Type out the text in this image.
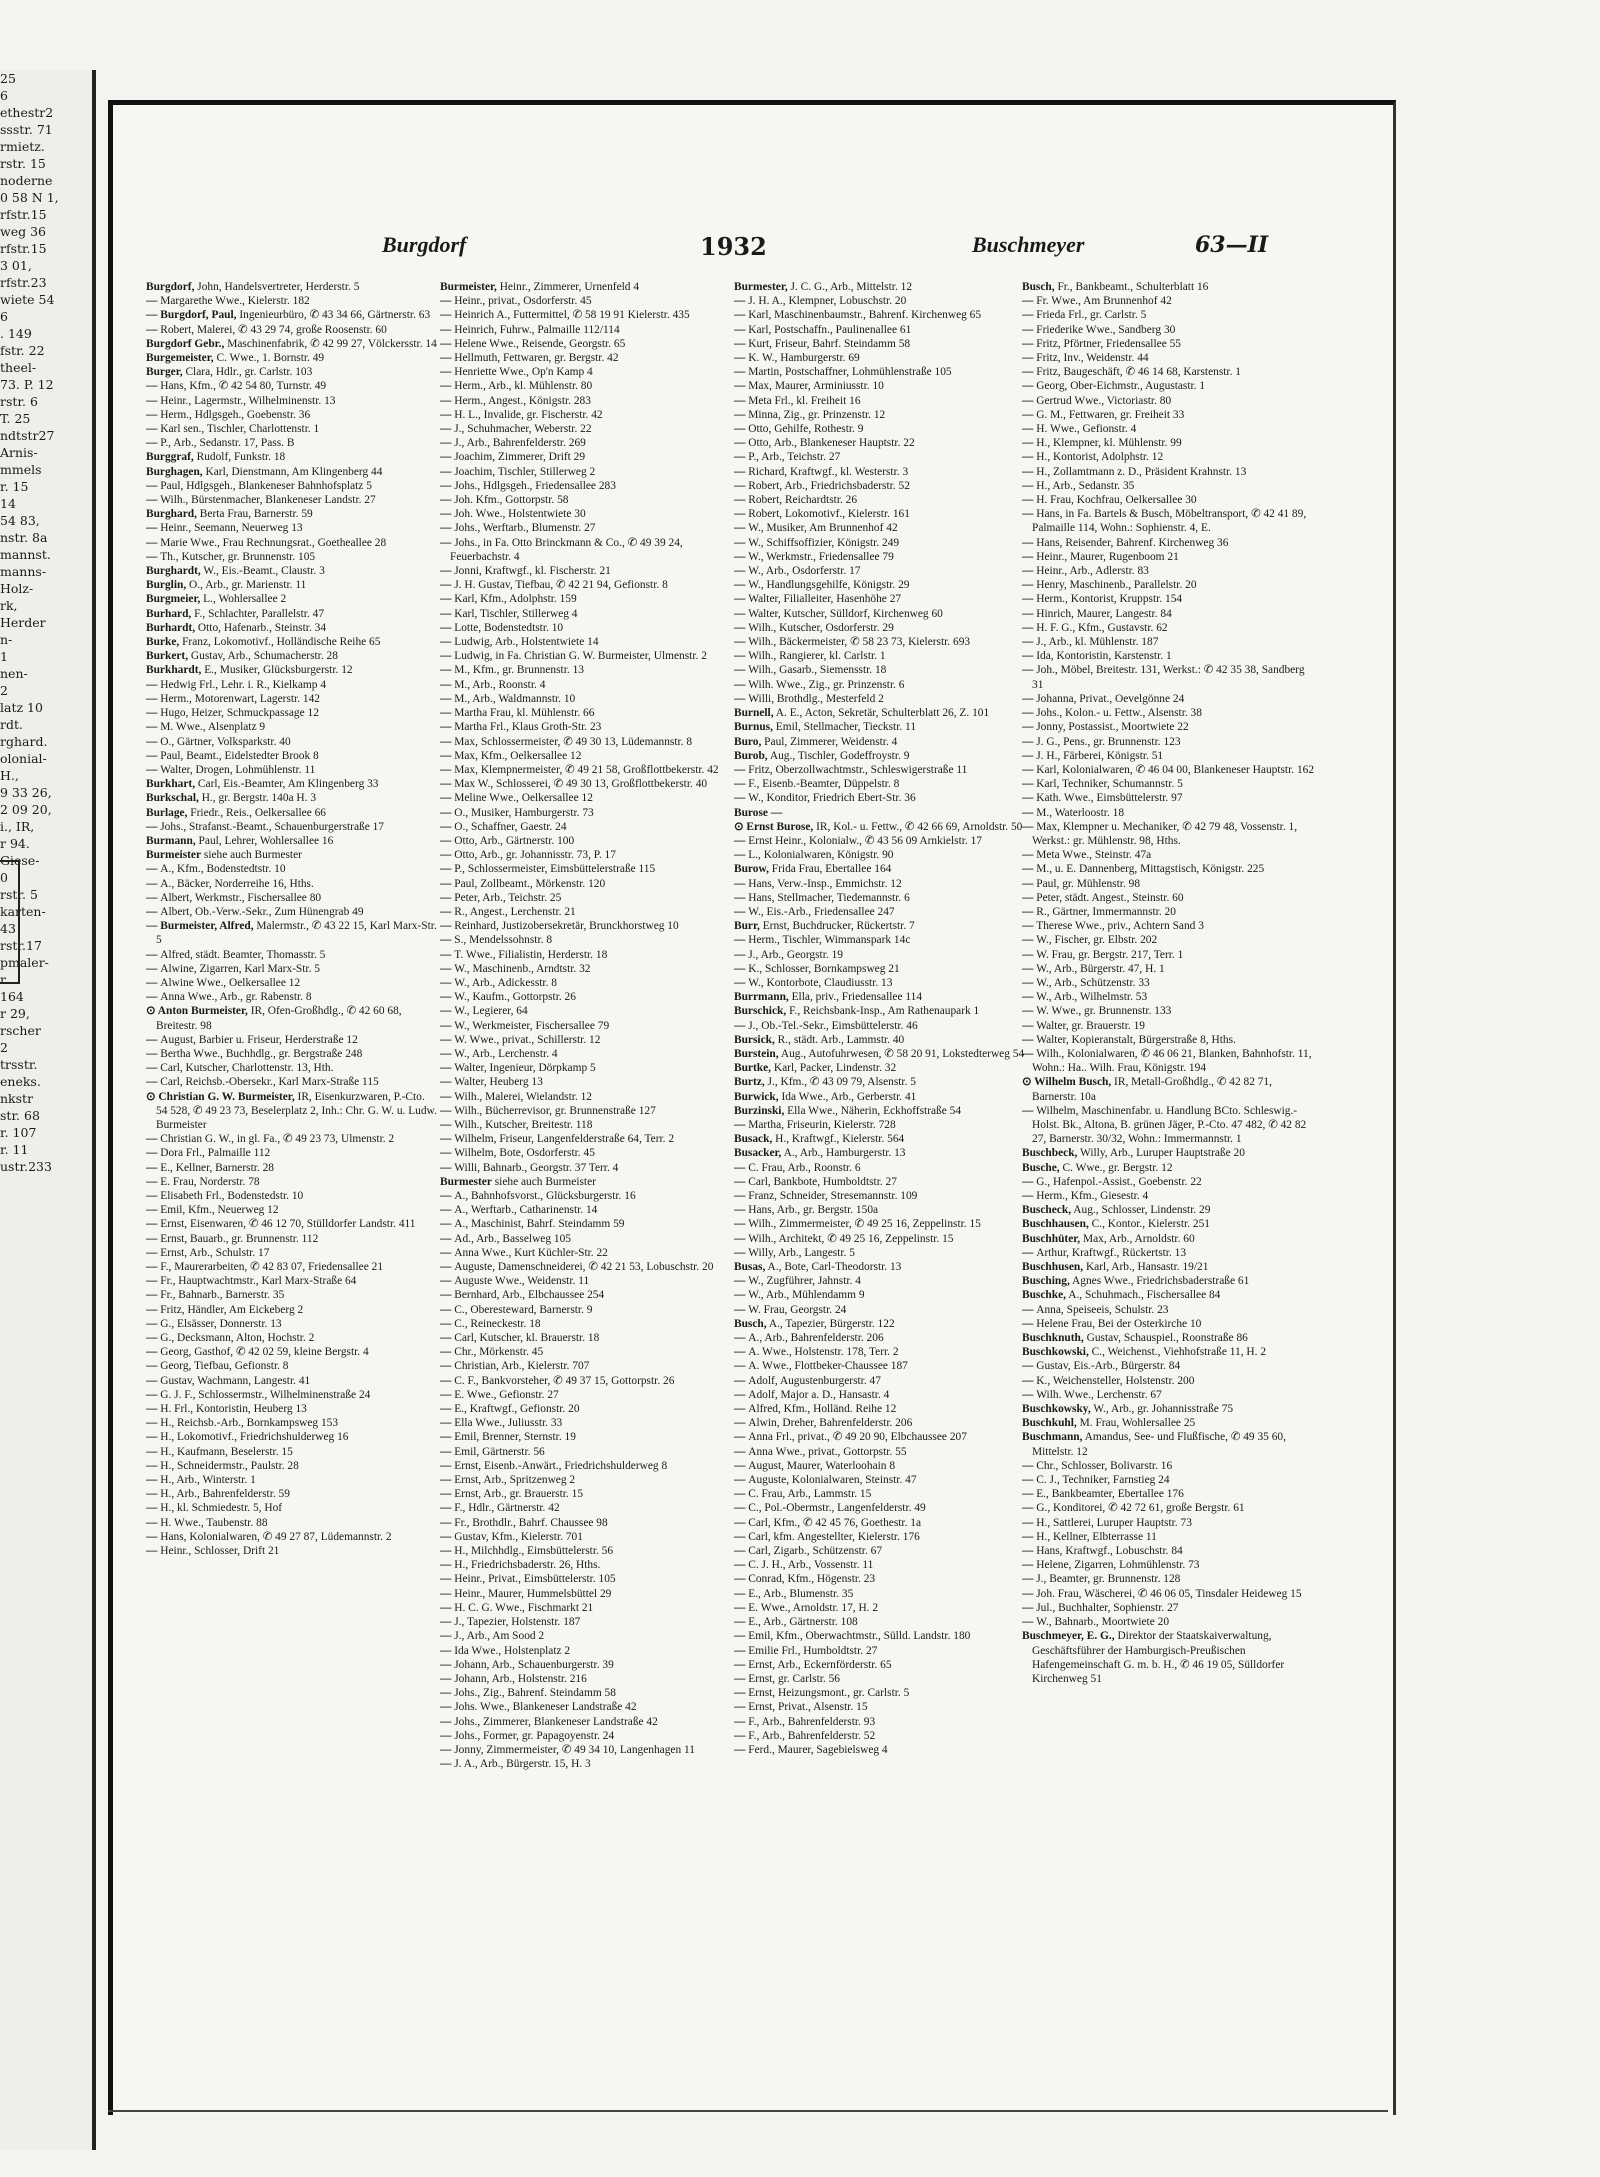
25
6
ethestr2
ssstr. 71
rmietz.
rstr. 15
noderne
0 58 N 1,
rfstr.15
weg 36
rfstr.15
3 01,
rfstr.23
wiete 54
6
. 149
fstr. 22
theel-
73. P. 12
rstr. 6
T. 25
ndtstr27
Arnis-
mmels
r. 15
14
54 83,
nstr. 8a
mannst.
manns-
Holz-
rk,
Herder
n-
1
nen-
2
latz 10
rdt.
rghard.
olonial-
H.,
9 33 26,
2 09 20,
i., IR,
r 94.
Giese-
0
rstr. 5
karten-
43
rstr.17
pmaler-
r
164
r 29,
rscher
2
trsstr.
eneks.
nkstr
str. 68
r. 107
r. 11
ustr.233
Burgdorf	1932	Buschmeyer	63—II

Burgdorf, John, Handelsvertreter, Herderstr. 5

— Margarethe Wwe., Kielerstr. 182

— Burgdorf, Paul, Ingenieurbüro, ✆ 43 34 66, Gärtnerstr. 63

— Robert, Malerei, ✆ 43 29 74, große Roosenstr. 60

Burgdorf Gebr., Maschinenfabrik, ✆ 42 99 27, Völckersstr. 14

Burgemeister, C. Wwe., 1. Bornstr. 49

Burger, Clara, Hdlr., gr. Carlstr. 103

— Hans, Kfm., ✆ 42 54 80, Turnstr. 49

— Heinr., Lagermstr., Wilhelminenstr. 13

— Herm., Hdlgsgeh., Goebenstr. 36

— Karl sen., Tischler, Charlottenstr. 1

— P., Arb., Sedanstr. 17, Pass. B

Burggraf, Rudolf, Funkstr. 18

Burghagen, Karl, Dienstmann, Am Klingenberg 44

— Paul, Hdlgsgeh., Blankeneser Bahnhofsplatz 5

— Wilh., Bürstenmacher, Blankeneser Landstr. 27

Burghard, Berta Frau, Barnerstr. 59

— Heinr., Seemann, Neuerweg 13

— Marie Wwe., Frau Rechnungsrat., Goetheallee 28

— Th., Kutscher, gr. Brunnenstr. 105

Burghardt, W., Eis.-Beamt., Claustr. 3

Burglin, O., Arb., gr. Marienstr. 11

Burgmeier, L., Wohlersallee 2

Burhard, F., Schlachter, Parallelstr. 47

Burhardt, Otto, Hafenarb., Steinstr. 34

Burke, Franz, Lokomotivf., Holländische Reihe 65

Burkert, Gustav, Arb., Schumacherstr. 28

Burkhardt, E., Musiker, Glücksburgerstr. 12

— Hedwig Frl., Lehr. i. R., Kielkamp 4

— Herm., Motorenwart, Lagerstr. 142

— Hugo, Heizer, Schmuckpassage 12

— M. Wwe., Alsenplatz 9

— O., Gärtner, Volksparkstr. 40

— Paul, Beamt., Eidelstedter Brook 8

— Walter, Drogen, Lohmühlenstr. 11

Burkhart, Carl, Eis.-Beamter, Am Klingenberg 33

Burkschal, H., gr. Bergstr. 140a H. 3

Burlage, Friedr., Reis., Oelkersallee 66

— Johs., Strafanst.-Beamt., Schauenburgerstraße 17

Burmann, Paul, Lehrer, Wohlersallee 16

Burmeister siehe auch Burmester

— A., Kfm., Bodenstedtstr. 10

— A., Bäcker, Norderreihe 16, Hths.

— Albert, Werkmstr., Fischersallee 80

— Albert, Ob.-Verw.-Sekr., Zum Hünengrab 49

— Burmeister, Alfred, Malermstr., ✆ 43 22 15, Karl Marx-Str. 5

— Alfred, städt. Beamter, Thomasstr. 5

— Alwine, Zigarren, Karl Marx-Str. 5

— Alwine Wwe., Oelkersallee 12

— Anna Wwe., Arb., gr. Rabenstr. 8

⊙ Anton Burmeister, IR, Ofen-Großhdlg., ✆ 42 60 68, Breitestr. 98

— August, Barbier u. Friseur, Herderstraße 12

— Bertha Wwe., Buchhdlg., gr. Bergstraße 248

— Carl, Kutscher, Charlottenstr. 13, Hth.

— Carl, Reichsb.-Obersekr., Karl Marx-Straße 115

⊙ Christian G. W. Burmeister, IR, Eisenkurzwaren, P.-Cto. 54 528, ✆ 49 23 73, Beselerplatz 2, Inh.: Chr. G. W. u. Ludw. Burmeister

— Christian G. W., in gl. Fa., ✆ 49 23 73, Ulmenstr. 2

— Dora Frl., Palmaille 112

— E., Kellner, Barnerstr. 28

— E. Frau, Norderstr. 78

— Elisabeth Frl., Bodenstedstr. 10

— Emil, Kfm., Neuerweg 12

— Ernst, Eisenwaren, ✆ 46 12 70, Stülldorfer Landstr. 411

— Ernst, Bauarb., gr. Brunnenstr. 112

— Ernst, Arb., Schulstr. 17

— F., Maurerarbeiten, ✆ 42 83 07, Friedensallee 21

— Fr., Hauptwachtmstr., Karl Marx-Straße 64

— Fr., Bahnarb., Barnerstr. 35

— Fritz, Händler, Am Eickeberg 2

— G., Elsässer, Donnerstr. 13

— G., Decksmann, Alton, Hochstr. 2

— Georg, Gasthof, ✆ 42 02 59, kleine Bergstr. 4

— Georg, Tiefbau, Gefionstr. 8

— Gustav, Wachmann, Langestr. 41

— G. J. F., Schlossermstr., Wilhelminenstraße 24

— H. Frl., Kontoristin, Heuberg 13

— H., Reichsb.-Arb., Bornkampsweg 153

— H., Lokomotivf., Friedrichshulderweg 16

— H., Kaufmann, Beselerstr. 15

— H., Schneidermstr., Paulstr. 28

— H., Arb., Winterstr. 1

— H., Arb., Bahrenfelderstr. 59

— H., kl. Schmiedestr. 5, Hof

— H. Wwe., Taubenstr. 88

— Hans, Kolonialwaren, ✆ 49 27 87, Lüdemannstr. 2

— Heinr., Schlosser, Drift 21

Burmeister, Heinr., Zimmerer, Urnenfeld 4

— Heinr., privat., Osdorferstr. 45

— Heinrich A., Futtermittel, ✆ 58 19 91 Kielerstr. 435

— Heinrich, Fuhrw., Palmaille 112/114

— Helene Wwe., Reisende, Georgstr. 65

— Hellmuth, Fettwaren, gr. Bergstr. 42

— Henriette Wwe., Op'n Kamp 4

— Herm., Arb., kl. Mühlenstr. 80

— Herm., Angest., Königstr. 283

— H. L., Invalide, gr. Fischerstr. 42

— J., Schuhmacher, Weberstr. 22

— J., Arb., Bahrenfelderstr. 269

— Joachim, Zimmerer, Drift 29

— Joachim, Tischler, Stillerweg 2

— Johs., Hdlgsgeh., Friedensallee 283

— Joh. Kfm., Gottorpstr. 58

— Joh. Wwe., Holstentwiete 30

— Johs., Werftarb., Blumenstr. 27

— Johs., in Fa. Otto Brinckmann & Co., ✆ 49 39 24, Feuerbachstr. 4

— Jonni, Kraftwgf., kl. Fischerstr. 21

— J. H. Gustav, Tiefbau, ✆ 42 21 94, Gefionstr. 8

— Karl, Kfm., Adolphstr. 159

— Karl, Tischler, Stillerweg 4

— Lotte, Bodenstedtstr. 10

— Ludwig, Arb., Holstentwiete 14

— Ludwig, in Fa. Christian G. W. Burmeister, Ulmenstr. 2

— M., Kfm., gr. Brunnenstr. 13

— M., Arb., Roonstr. 4

— M., Arb., Waldmannstr. 10

— Martha Frau, kl. Mühlenstr. 66

— Martha Frl., Klaus Groth-Str. 23

— Max, Schlossermeister, ✆ 49 30 13, Lüdemannstr. 8

— Max, Kfm., Oelkersallee 12

— Max, Klempnermeister, ✆ 49 21 58, Großflottbekerstr. 42

— Max W., Schlosserei, ✆ 49 30 13, Großflottbekerstr. 40

— Meline Wwe., Oelkersallee 12

— O., Musiker, Hamburgerstr. 73

— O., Schaffner, Gaestr. 24

— Otto, Arb., Gärtnerstr. 100

— Otto, Arb., gr. Johannisstr. 73, P. 17

— P., Schlossermeister, Eimsbüttelerstraße 115

— Paul, Zollbeamt., Mörkenstr. 120

— Peter, Arb., Teichstr. 25

— R., Angest., Lerchenstr. 21

— Reinhard, Justizobersekretär, Brunckhorstweg 10

— S., Mendelssohnstr. 8

— T. Wwe., Filialistin, Herderstr. 18

— W., Maschinenb., Arndtstr. 32

— W., Arb., Adickesstr. 8

— W., Kaufm., Gottorpstr. 26

— W., Legierer, 64

— W., Werkmeister, Fischersallee 79

— W. Wwe., privat., Schillerstr. 12

— W., Arb., Lerchenstr. 4

— Walter, Ingenieur, Dörpkamp 5

— Walter, Heuberg 13

— Wilh., Malerei, Wielandstr. 12

— Wilh., Bücherrevisor, gr. Brunnenstraße 127

— Wilh., Kutscher, Breitestr. 118

— Wilhelm, Friseur, Langenfelderstraße 64, Terr. 2

— Wilhelm, Bote, Osdorferstr. 45

— Willi, Bahnarb., Georgstr. 37 Terr. 4

Burmester siehe auch Burmeister

— A., Bahnhofsvorst., Glücksburgerstr. 16

— A., Werftarb., Catharinenstr. 14

— A., Maschinist, Bahrf. Steindamm 59

— Ad., Arb., Basselweg 105

— Anna Wwe., Kurt Küchler-Str. 22

— Auguste, Damenschneiderei, ✆ 42 21 53, Lobuschstr. 20

— Auguste Wwe., Weidenstr. 11

— Bernhard, Arb., Elbchaussee 254

— C., Oberesteward, Barnerstr. 9

— C., Reineckestr. 18

— Carl, Kutscher, kl. Brauerstr. 18

— Chr., Mörkenstr. 45

— Christian, Arb., Kielerstr. 707

— C. F., Bankvorsteher, ✆ 49 37 15, Gottorpstr. 26

— E. Wwe., Gefionstr. 27

— E., Kraftwgf., Gefionstr. 20

— Ella Wwe., Juliusstr. 33

— Emil, Brenner, Sternstr. 19

— Emil, Gärtnerstr. 56

— Ernst, Eisenb.-Anwärt., Friedrichshulderweg 8

— Ernst, Arb., Spritzenweg 2

— Ernst, Arb., gr. Brauerstr. 15

— F., Hdlr., Gärtnerstr. 42

— Fr., Brothdlr., Bahrf. Chaussee 98

— Gustav, Kfm., Kielerstr. 701

— H., Milchhdlg., Eimsbüttelerstr. 56

— H., Friedrichsbaderstr. 26, Hths.

— Heinr., Privat., Eimsbüttelerstr. 105

— Heinr., Maurer, Hummelsbüttel 29

— H. C. G. Wwe., Fischmarkt 21

— J., Tapezier, Holstenstr. 187

— J., Arb., Am Sood 2

— Ida Wwe., Holstenplatz 2

— Johann, Arb., Schauenburgerstr. 39

— Johann, Arb., Holstenstr. 216

— Johs., Zig., Bahrenf. Steindamm 58

— Johs. Wwe., Blankeneser Landstraße 42

— Johs., Zimmerer, Blankeneser Landstraße 42

— Johs., Former, gr. Papagoyenstr. 24

— Jonny, Zimmermeister, ✆ 49 34 10, Langenhagen 11

— J. A., Arb., Bürgerstr. 15, H. 3

Burmester, J. C. G., Arb., Mittelstr. 12

— J. H. A., Klempner, Lobuschstr. 20

— Karl, Maschinenbaumstr., Bahrenf. Kirchenweg 65

— Karl, Postschaffn., Paulinenallee 61

— Kurt, Friseur, Bahrf. Steindamm 58

— K. W., Hamburgerstr. 69

— Martin, Postschaffner, Lohmühlenstraße 105

— Max, Maurer, Arminiusstr. 10

— Meta Frl., kl. Freiheit 16

— Minna, Zig., gr. Prinzenstr. 12

— Otto, Gehilfe, Rothestr. 9

— Otto, Arb., Blankeneser Hauptstr. 22

— P., Arb., Teichstr. 27

— Richard, Kraftwgf., kl. Westerstr. 3

— Robert, Arb., Friedrichsbaderstr. 52

— Robert, Reichardtstr. 26

— Robert, Lokomotivf., Kielerstr. 161

— W., Musiker, Am Brunnenhof 42

— W., Schiffsoffizier, Königstr. 249

— W., Werkmstr., Friedensallee 79

— W., Arb., Osdorferstr. 17

— W., Handlungsgehilfe, Königstr. 29

— Walter, Filialleiter, Hasenhöhe 27

— Walter, Kutscher, Sülldorf, Kirchenweg 60

— Wilh., Kutscher, Osdorferstr. 29

— Wilh., Bäckermeister, ✆ 58 23 73, Kielerstr. 693

— Wilh., Rangierer, kl. Carlstr. 1

— Wilh., Gasarb., Siemensstr. 18

— Wilh. Wwe., Zig., gr. Prinzenstr. 6

— Willi, Brothdlg., Mesterfeld 2

Burnell, A. E., Acton, Sekretär, Schulterblatt 26, Z. 101

Burnus, Emil, Stellmacher, Tieckstr. 11

Buro, Paul, Zimmerer, Weidenstr. 4

Burob, Aug., Tischler, Godeffroystr. 9

— Fritz, Oberzollwachtmstr., Schleswigerstraße 11

— F., Eisenb.-Beamter, Düppelstr. 8

— W., Konditor, Friedrich Ebert-Str. 36

Burose —

⊙ Ernst Burose, IR, Kol.- u. Fettw., ✆ 42 66 69, Arnoldstr. 50

— Ernst Heinr., Kolonialw., ✆ 43 56 09 Arnkielstr. 17

— L., Kolonialwaren, Königstr. 90

Burow, Frida Frau, Ebertallee 164

— Hans, Verw.-Insp., Emmichstr. 12

— Hans, Stellmacher, Tiedemannstr. 6

— W., Eis.-Arb., Friedensallee 247

Burr, Ernst, Buchdrucker, Rückertstr. 7

— Herm., Tischler, Wimmanspark 14c

— J., Arb., Georgstr. 19

— K., Schlosser, Bornkampsweg 21

— W., Kontorbote, Claudiusstr. 13

Burrmann, Ella, priv., Friedensallee 114

Burschick, F., Reichsbank-Insp., Am Rathenaupark 1

— J., Ob.-Tel.-Sekr., Eimsbüttelerstr. 46

Bursick, R., städt. Arb., Lammstr. 40

Burstein, Aug., Autofuhrwesen, ✆ 58 20 91, Lokstedterweg 54

Burtke, Karl, Packer, Lindenstr. 32

Burtz, J., Kfm., ✆ 43 09 79, Alsenstr. 5

Burwick, Ida Wwe., Arb., Gerberstr. 41

Burzinski, Ella Wwe., Näherin, Eckhoffstraße 54

— Martha, Friseurin, Kielerstr. 728

Busack, H., Kraftwgf., Kielerstr. 564

Busacker, A., Arb., Hamburgerstr. 13

— C. Frau, Arb., Roonstr. 6

— Carl, Bankbote, Humboldtstr. 27

— Franz, Schneider, Stresemannstr. 109

— Hans, Arb., gr. Bergstr. 150a

— Wilh., Zimmermeister, ✆ 49 25 16, Zeppelinstr. 15

— Wilh., Architekt, ✆ 49 25 16, Zeppelinstr. 15

— Willy, Arb., Langestr. 5

Busas, A., Bote, Carl-Theodorstr. 13

— W., Zugführer, Jahnstr. 4

— W., Arb., Mühlendamm 9

— W. Frau, Georgstr. 24

Busch, A., Tapezier, Bürgerstr. 122

— A., Arb., Bahrenfelderstr. 206

— A. Wwe., Holstenstr. 178, Terr. 2

— A. Wwe., Flottbeker-Chaussee 187

— Adolf, Augustenburgerstr. 47

— Adolf, Major a. D., Hansastr. 4

— Alfred, Kfm., Holländ. Reihe 12

— Alwin, Dreher, Bahrenfelderstr. 206

— Anna Frl., privat., ✆ 49 20 90, Elbchaussee 207

— Anna Wwe., privat., Gottorpstr. 55

— August, Maurer, Waterloohain 8

— Auguste, Kolonialwaren, Steinstr. 47

— C. Frau, Arb., Lammstr. 15

— C., Pol.-Obermstr., Langenfelderstr. 49

— Carl, Kfm., ✆ 42 45 76, Goethestr. 1a

— Carl, kfm. Angestellter, Kielerstr. 176

— Carl, Zigarb., Schützenstr. 67

— C. J. H., Arb., Vossenstr. 11

— Conrad, Kfm., Högenstr. 23

— E., Arb., Blumenstr. 35

— E. Wwe., Arnoldstr. 17, H. 2

— E., Arb., Gärtnerstr. 108

— Emil, Kfm., Oberwachtmstr., Sülld. Landstr. 180

— Emilie Frl., Humboldtstr. 27

— Ernst, Arb., Eckernförderstr. 65

— Ernst, gr. Carlstr. 56

— Ernst, Heizungsmont., gr. Carlstr. 5

— Ernst, Privat., Alsenstr. 15

— F., Arb., Bahrenfelderstr. 93

— F., Arb., Bahrenfelderstr. 52

— Ferd., Maurer, Sagebielsweg 4

Busch, Fr., Bankbeamt., Schulterblatt 16

— Fr. Wwe., Am Brunnenhof 42

— Frieda Frl., gr. Carlstr. 5

— Friederike Wwe., Sandberg 30

— Fritz, Pförtner, Friedensallee 55

— Fritz, Inv., Weidenstr. 44

— Fritz, Baugeschäft, ✆ 46 14 68, Karstenstr. 1

— Georg, Ober-Eichmstr., Augustastr. 1

— Gertrud Wwe., Victoriastr. 80

— G. M., Fettwaren, gr. Freiheit 33

— H. Wwe., Gefionstr. 4

— H., Klempner, kl. Mühlenstr. 99

— H., Kontorist, Adolphstr. 12

— H., Zollamtmann z. D., Präsident Krahnstr. 13

— H., Arb., Sedanstr. 35

— H. Frau, Kochfrau, Oelkersallee 30

— Hans, in Fa. Bartels & Busch, Möbeltransport, ✆ 42 41 89, Palmaille 114, Wohn.: Sophienstr. 4, E.

— Hans, Reisender, Bahrenf. Kirchenweg 36

— Heinr., Maurer, Rugenboom 21

— Heinr., Arb., Adlerstr. 83

— Henry, Maschinenb., Parallelstr. 20

— Herm., Kontorist, Kruppstr. 154

— Hinrich, Maurer, Langestr. 84

— H. F. G., Kfm., Gustavstr. 62

— J., Arb., kl. Mühlenstr. 187

— Ida, Kontoristin, Karstenstr. 1

— Joh., Möbel, Breitestr. 131, Werkst.: ✆ 42 35 38, Sandberg 31

— Johanna, Privat., Oevelgönne 24

— Johs., Kolon.- u. Fettw., Alsenstr. 38

— Jonny, Postassist., Moortwiete 22

— J. G., Pens., gr. Brunnenstr. 123

— J. H., Färberei, Königstr. 51

— Karl, Kolonialwaren, ✆ 46 04 00, Blankeneser Hauptstr. 162

— Karl, Techniker, Schumannstr. 5

— Kath. Wwe., Eimsbüttelerstr. 97

— M., Waterloostr. 18

— Max, Klempner u. Mechaniker, ✆ 42 79 48, Vossenstr. 1, Werkst.: gr. Mühlenstr. 98, Hths.

— Meta Wwe., Steinstr. 47a

— M., u. E. Dannenberg, Mittagstisch, Königstr. 225

— Paul, gr. Mühlenstr. 98

— Peter, städt. Angest., Steinstr. 60

— R., Gärtner, Immermannstr. 20

— Therese Wwe., priv., Achtern Sand 3

— W., Fischer, gr. Elbstr. 202

— W. Frau, gr. Bergstr. 217, Terr. 1

— W., Arb., Bürgerstr. 47, H. 1

— W., Arb., Schützenstr. 33

— W., Arb., Wilhelmstr. 53

— W. Wwe., gr. Brunnenstr. 133

— Walter, gr. Brauerstr. 19

— Walter, Kopieranstalt, Bürgerstraße 8, Hths.

— Wilh., Kolonialwaren, ✆ 46 06 21, Blanken, Bahnhofstr. 11, Wohn.: Ha.. Wilh. Frau, Königstr. 194

⊙ Wilhelm Busch, IR, Metall-Großhdlg., ✆ 42 82 71, Barnerstr. 10a

— Wilhelm, Maschinenfabr. u. Handlung BCto. Schleswig.-Holst. Bk., Altona, B. grünen Jäger, P.-Cto. 47 482, ✆ 42 82 27, Barnerstr. 30/32, Wohn.: Immermannstr. 1

Buschbeck, Willy, Arb., Luruper Hauptstraße 20

Busche, C. Wwe., gr. Bergstr. 12

— G., Hafenpol.-Assist., Goebenstr. 22

— Herm., Kfm., Giesestr. 4

Buscheck, Aug., Schlosser, Lindenstr. 29

Buschhausen, C., Kontor., Kielerstr. 251

Buschhüter, Max, Arb., Arnoldstr. 60

— Arthur, Kraftwgf., Rückertstr. 13

Buschhusen, Karl, Arb., Hansastr. 19/21

Busching, Agnes Wwe., Friedrichsbaderstraße 61

Buschke, A., Schuhmach., Fischersallee 84

— Anna, Speiseeis, Schulstr. 23

— Helene Frau, Bei der Osterkirche 10

Buschknuth, Gustav, Schauspiel., Roonstraße 86

Buschkowski, C., Weichenst., Viehhofstraße 11, H. 2

— Gustav, Eis.-Arb., Bürgerstr. 84

— K., Weichensteller, Holstenstr. 200

— Wilh. Wwe., Lerchenstr. 67

Buschkowsky, W., Arb., gr. Johannisstraße 75

Buschkuhl, M. Frau, Wohlersallee 25

Buschmann, Amandus, See- und Flußfische, ✆ 49 35 60, Mittelstr. 12

— Chr., Schlosser, Bolivarstr. 16

— C. J., Techniker, Farnstieg 24

— E., Bankbeamter, Ebertallee 176

— G., Konditorei, ✆ 42 72 61, große Bergstr. 61

— H., Sattlerei, Luruper Hauptstr. 73

— H., Kellner, Elbterrasse 11

— Hans, Kraftwgf., Lobuschstr. 84

— Helene, Zigarren, Lohmühlenstr. 73

— J., Beamter, gr. Brunnenstr. 128

— Joh. Frau, Wäscherei, ✆ 46 06 05, Tinsdaler Heideweg 15

— Jul., Buchhalter, Sophienstr. 27

— W., Bahnarb., Moortwiete 20

Buschmeyer, E. G., Direktor der Staatskaiverwaltung, Geschäftsführer der Hamburgisch-Preußischen Hafengemeinschaft G. m. b. H., ✆ 46 19 05, Sülldorfer Kirchenweg 51
